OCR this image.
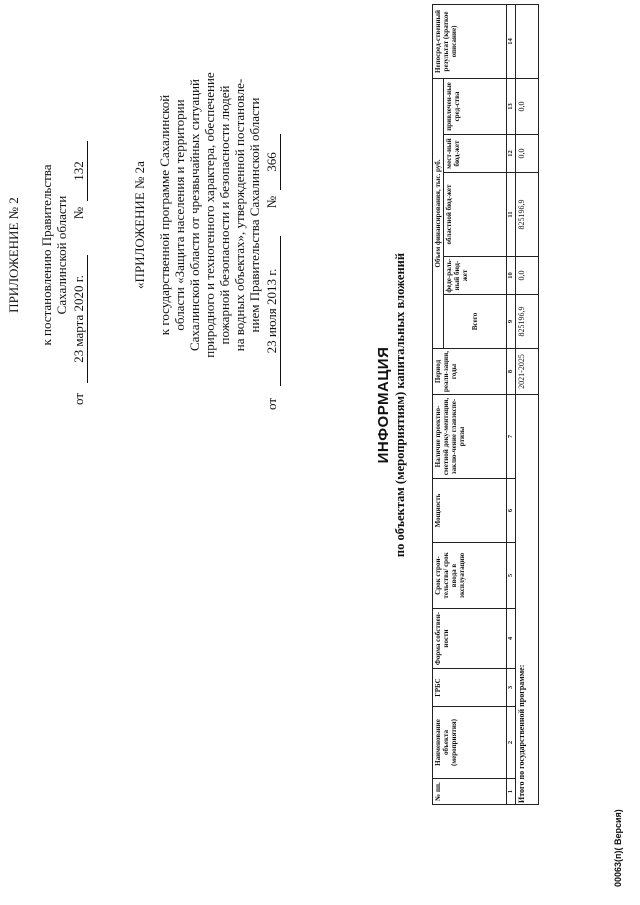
ПРИЛОЖЕНИЕ № 2 к постановлению Правительства Сахалинской области
от
23 марта 2020 г.
№
132	«ПРИЛОЖЕНИЕ № 2а к государственной программе Сахалинской области «Защита населения и территории Сахалинской области от чрезвычайных ситуаций природного и техногенного характера, обеспечение пожарной безопасности и безопасности людей на водных объектах», утвержденной постановле- нием Правительства Сахалинской области
от
23 июля 2013 г.
№
366
ИНФОРМАЦИЯ по объектам (мероприятиям) капитальных вложений
№ пп.	Наименование объекта (мероприятия)	ГРБС	Форма собствен-ности	Срок строи-тельства/ срок ввода в эксплуатацию	Мощность	Наличие проектно-сметной доку-ментации, заклю-чение главэкспе-ртизы	Период реали-зации, годы	Объем финансирования, тыс. руб.					Непосред-ственный результат (краткое описание)
								Всего	феде-раль-ный бюд-жет	областной бюд-жет	мест-ный бюд-жет	привлечен-ные сред-ства	
1	2	3	4	5	6	7	8	9	10	11	12	13	14
Итого по государственной программе:							2021-2025	825196,9	0,0	825196,9	0,0	0,0	
00063(п)( Версия)
